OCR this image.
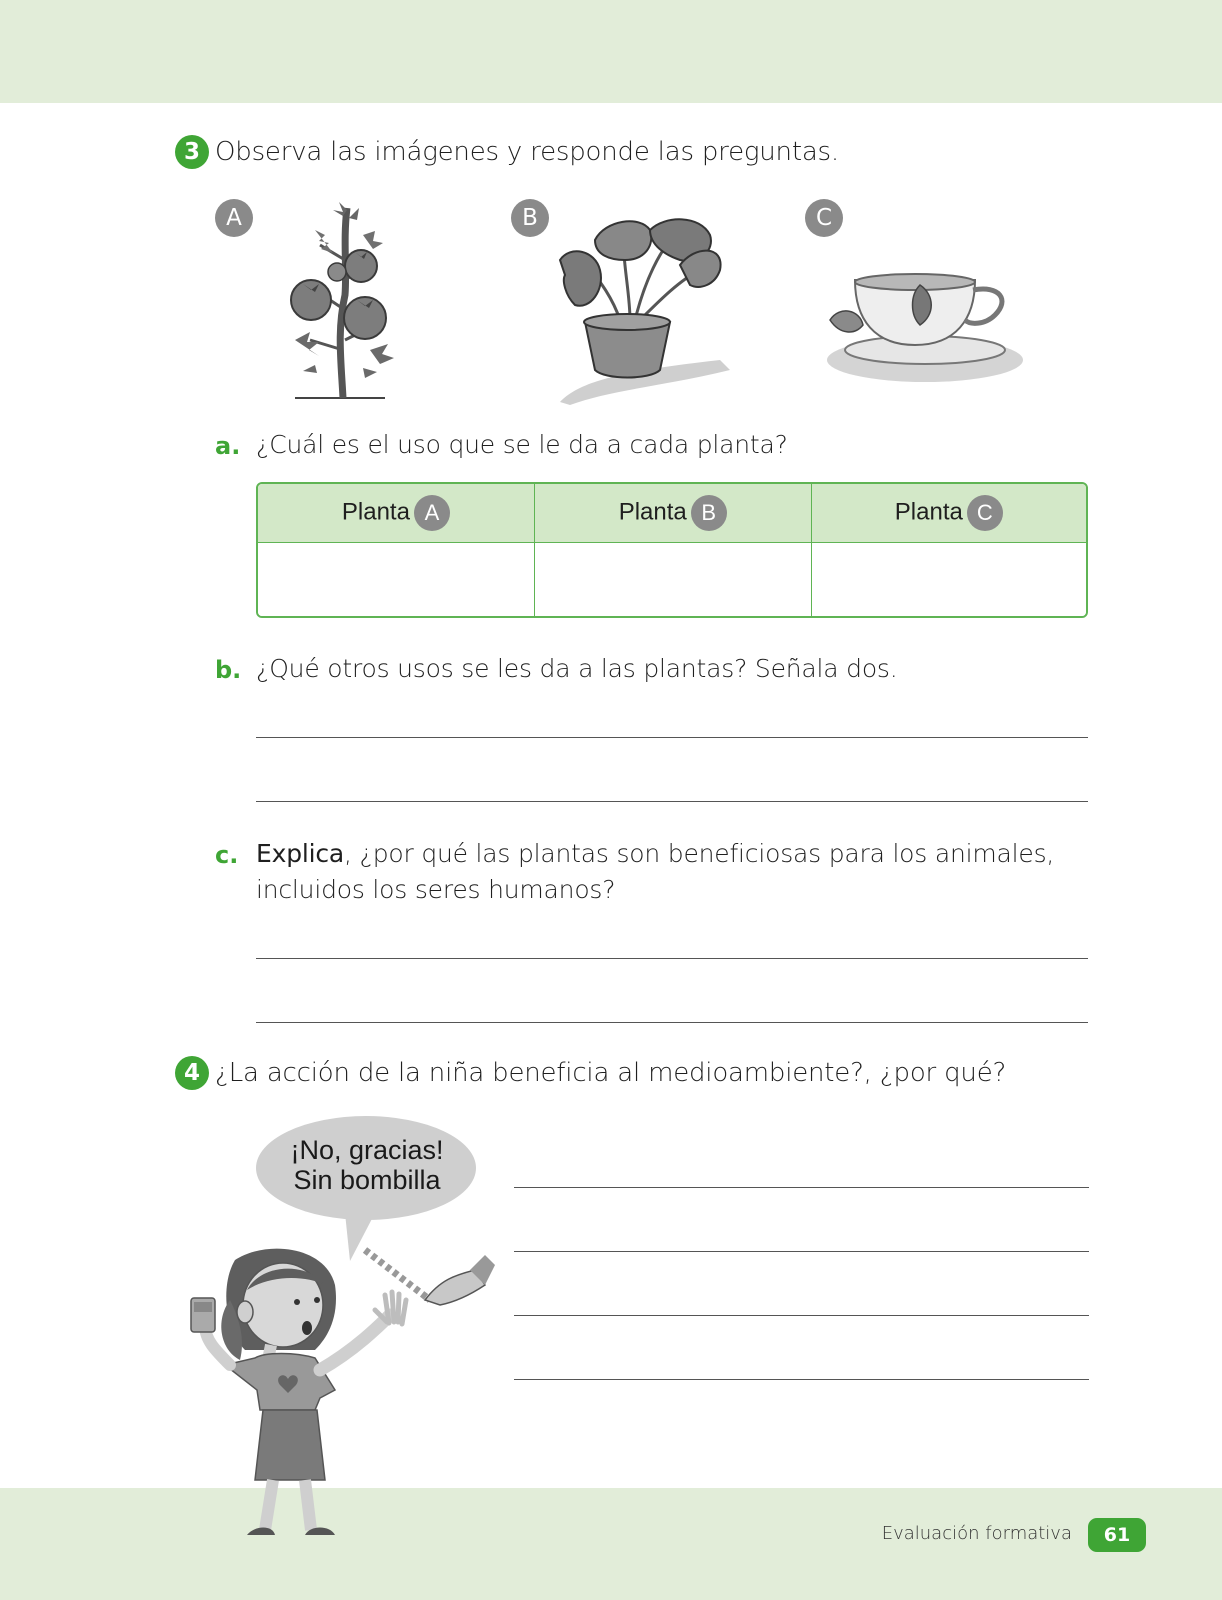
3 Observa las imágenes y responde las preguntas.
A	B	C
a. ¿Cuál es el uso que se le da a cada planta?
Planta A	Planta B	Planta C

b. ¿Qué otros usos se les da a las plantas? Señala dos.
c. Explica, ¿por qué las plantas son beneficiosas para los animales,
incluidos los seres humanos?
4 ¿La acción de la niña beneficia al medioambiente?, ¿por qué?
¡No, gracias!
Sin bombilla
Evaluación formativa	61
